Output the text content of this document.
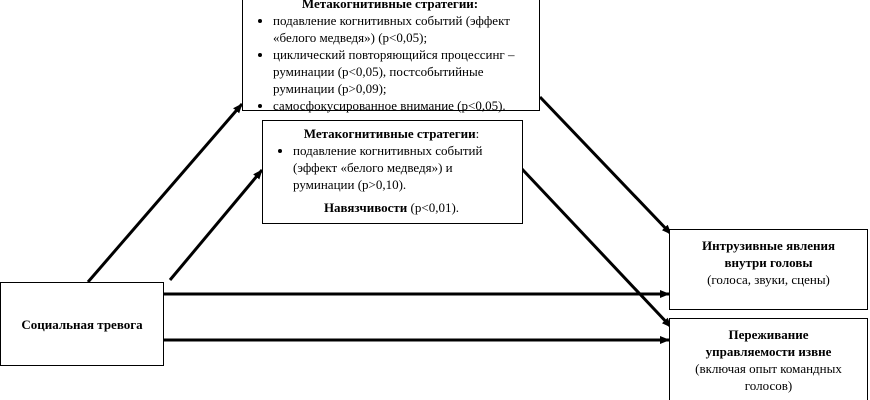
Метакогнитивные стратегии:
• подавление когнитивных событий (эффект «белого медведя») (p<0,05);
• циклический повторяющийся процессинг – руминации (p<0,05), постсобытийные руминации (p>0,09);
• самосфокусированное внимание (p<0,05).
Метакогнитивные стратегии:
• подавление когнитивных событий (эффект «белого медведя») и руминации (p>0,10).
Навязчивости (p<0,01).
Социальная тревога
Интрузивные явления
внутри головы
(голоса, звуки, сцены)
Переживание
управляемости извне
(включая опыт командных голосов)
